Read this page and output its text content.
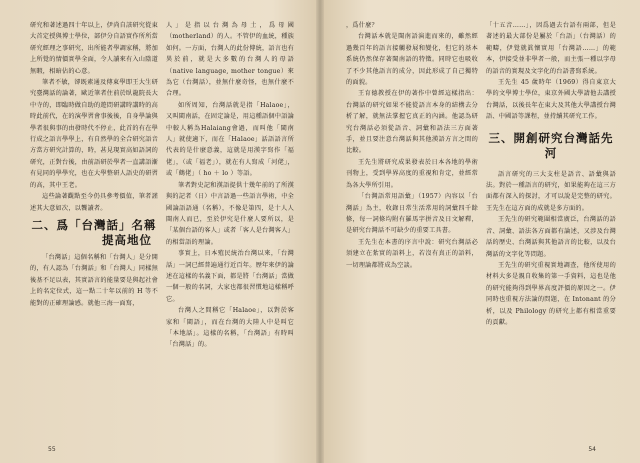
研究和著述過四十年以上，伊尚自該研究從東大首定授與博士學位，部伊分自語實作所所當研究經理之事研究，出所能者學調家稱，將加上所覺的情價實學全面，令人讀來有入山陰道無暇，相暗佔的心意。

筆者不敏，卻既素通及傳東學即王大生研究臺灣話的論著，歐近筆者住前於臥龍院長大中寺的，即臨時做自助的遊問研講時講時的高時此前代，在的演學習會事後後，自身學論與學者很與事的由發時代不停止，此首的有在學行成之語言學學上，有自然學的全合研究語音方當方研究計算的，時，甚見現實高如語詞的研究，正對台後，由前語研於學者一直講語漸有見同的學學究，也在大學整研人語史的研習的高，其中王老。

這些論著觀點至今仍具參考價值，筆者謹述其大意如次，以饗讀者。

二、爲「台灣話」名稱
提高地位

「台灣話」這個名稱和「台灣人」是分開的，有人認為「台灣話」和「台灣人」同樣無後基不足以表，其實語言的能量要是與起社會上的名定位式，這一點二十年以前的 H 等不能對的正確理論感。就他三海一面寫，

人」是指以台灣為母土，爲母國（motherland）的人。不管伊的血統，種族如何。一方面，台灣人的此份傳統，語言也有異於前，就是大多數的台灣人的母語（native language, mother tongue）來為它（台灣話），並無什麼奇怪，也無什麼不合理。

如所周知，台灣話就是指「Halaoe」，又叫閩南話，在固定論是，用這種語個中語論中較人稱為Halaiang會過，而叫他「閩南人」就使適下，而在「Halaoe」話語語言所代表的是什麼意義，這就是用漢字寫作「福佬」，（或「福老」），就在有人寫成「河佬」，或「鶴佬」（ ho ＋ lo ）等語。

筆者對史記和漢語提供十幾年前的了所漢與的記者（日）中言語過一些語言學術，中全國論語語通（名稱），不像是第四，是十人人閩南人而已，至於伊究是什麼人要所以，是「某個台語的客人」或者「客人是台灣客人」的相當語的理論。

事實上，日本殖民統治台灣以來，「台灣話」一詞已經普遍通行近百年。歷年來伊的論述在這樣的名義下面，都是將「台灣話」當做一個一般的名詞，大家也都很習慣地這樣稱呼它。

台灣人之間稱它「Halaoe」，以對於客家和「閩語」，而在台灣的大陸人中是叫它「本地話」。這樣的名稱，「台灣語」有時叫「台灣話」的。

55

，爲什麼？

台灣話本就是閩南語演進而來的，雖然經過幾百年的語言接觸發展和變化，但它的基本系統仍然保存著閩南語的特徵。同時它也吸收了不少其他語言的成分，因此形成了自己獨特的面貌。

王育德教授在伊的著作中曾經這樣指出：台灣話的研究如果不能從語言本身的結構去分析了解，就無法掌握它真正的內涵。他認為研究台灣話必須從語音、詞彙和語法三方面著手，並且要注意台灣話與其他漢語方言之間的比較。

王先生將研究成果發表於日本各地的學術刊物上，受到學界高度的重視和肯定，並經常為各大學所引用。

「台灣語常用語彙」（1957）內容以「台灣話」為主，收錄日常生活常用的詞彙四千餘條，每一詞條均附有羅馬字拼音及日文解釋，是研究台灣話不可缺少的重要工具書。

王先生在本書的序言中說：研究台灣話必須建立在紮實的語料上，若沒有真正的語料，一切理論都將成為空談。

「十五音……」，因爲過去台語有兩部，但是著述的最大部份是屬於「台語」（台灣話）的範疇，伊覺就眞懷實用「台灣語……」的範本，伊接受並非學者一般，而主張一種以字母的語音的實現及文字化的台語書寫系統。

王先生 45 歲時年（1969）得自東京大學的文學博士學位，東京外國大學請他去講授台灣話，以後長年在東大及其他大學講授台灣語、中國語等課程，並持續其研究工作。

三、開創研究台灣話先河

語言研究的三大支柱是語音、語彙與語法。對於一種語言的研究，如果能夠在這三方面都有深入的探討，才可以說是完整的研究。王先生在這方面的成就是多方面的。

王先生的研究範圍相當廣泛，台灣話的語音、詞彙、語法各方面都有論述，又涉及台灣話的歷史、台灣話與其他語言的比較，以及台灣話的文字化等問題。

王先生的研究重視實地調查，他所使用的材料大多是親自收集的第一手資料，這也是他的研究能夠得到學界高度評價的原因之一。伊同時也重視方法論的問題，在 Intonant 的分析，以及 Philology 的研究上都有相當重要的貢獻。

54
